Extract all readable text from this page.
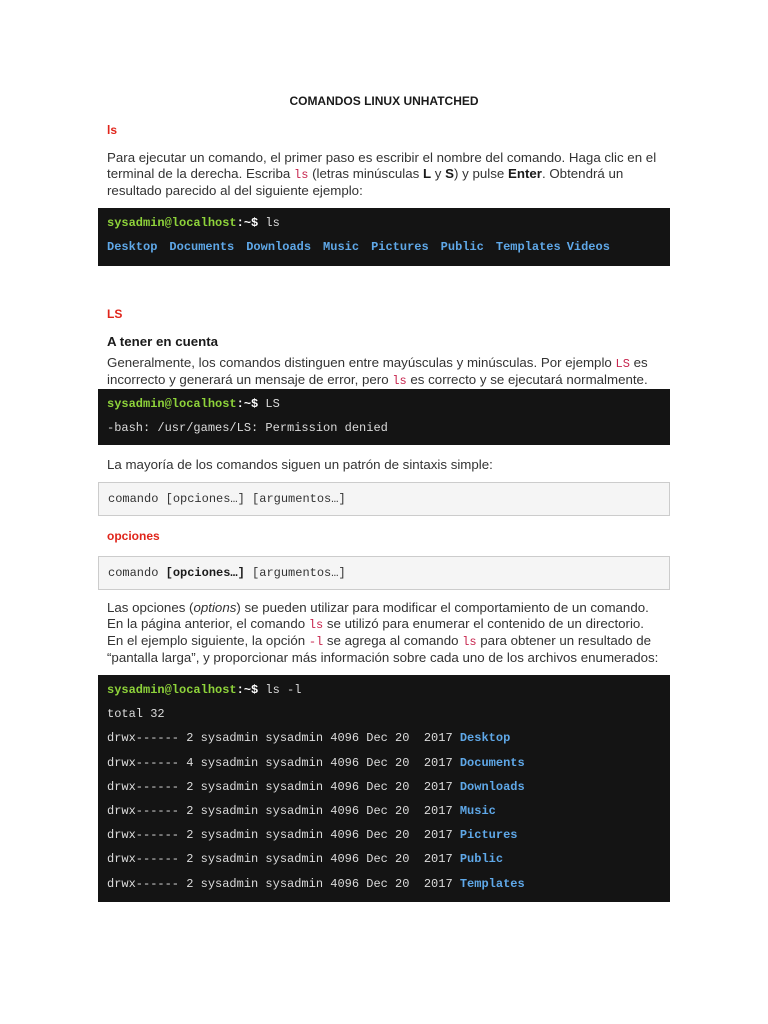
COMANDOS LINUX UNHATCHED
ls
Para ejecutar un comando, el primer paso es escribir el nombre del comando. Haga clic en el terminal de la derecha. Escriba ls (letras minúsculas L y S) y pulse Enter. Obtendrá un resultado parecido al del siguiente ejemplo:
sysadmin@localhost:~$ ls
Desktop Documents Downloads Music Pictures Public Templates Videos
LS
A tener en cuenta
Generalmente, los comandos distinguen entre mayúsculas y minúsculas. Por ejemplo LS es incorrecto y generará un mensaje de error, pero ls es correcto y se ejecutará normalmente.
sysadmin@localhost:~$ LS
-bash: /usr/games/LS: Permission denied
La mayoría de los comandos siguen un patrón de sintaxis simple:
comando [opciones…] [argumentos…]
opciones
comando [opciones…] [argumentos…]
Las opciones (options) se pueden utilizar para modificar el comportamiento de un comando. En la página anterior, el comando ls se utilizó para enumerar el contenido de un directorio. En el ejemplo siguiente, la opción -l se agrega al comando ls para obtener un resultado de “pantalla larga”, y proporcionar más información sobre cada uno de los archivos enumerados:
sysadmin@localhost:~$ ls -l
total 32
drwx------ 2 sysadmin sysadmin 4096 Dec 20  2017 Desktop
drwx------ 4 sysadmin sysadmin 4096 Dec 20  2017 Documents
drwx------ 2 sysadmin sysadmin 4096 Dec 20  2017 Downloads
drwx------ 2 sysadmin sysadmin 4096 Dec 20  2017 Music
drwx------ 2 sysadmin sysadmin 4096 Dec 20  2017 Pictures
drwx------ 2 sysadmin sysadmin 4096 Dec 20  2017 Public
drwx------ 2 sysadmin sysadmin 4096 Dec 20  2017 Templates
